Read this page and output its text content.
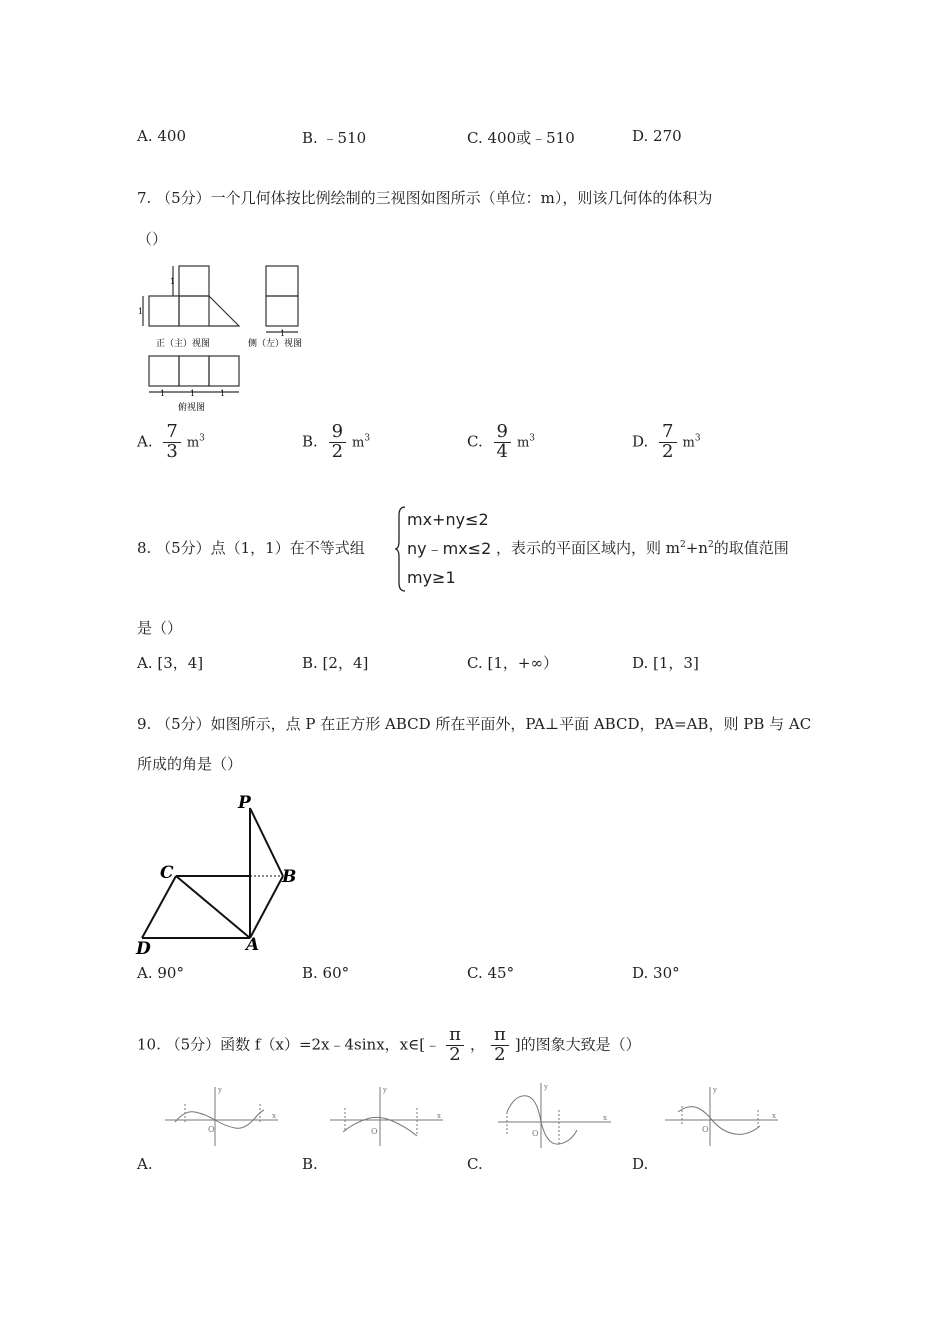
A. 400	B. ﹣510	C. 400或﹣510	D. 270
7. （5分）一个几何体按比例绘制的三视图如图所示（单位：m），则该几何体的体积为
（）
1
1
1
1	1	1
正（主）视图	侧（左）视图
俯视图
A. $\frac{7}{3} m^3$	B. $\frac{9}{2} m^3$	C. $\frac{9}{4} m^3$	D. $\frac{7}{2} m^3$
8. （5分）点（1，1）在不等式组
mx+ny≤2
ny﹣mx≤2
my≥1
，表示的平面区域内，则 $m^2+n^2$的取值范围
是（）
A. [3，4]	B. [2，4]	C. [1，+∞）	D. [1，3]
9. （5分）如图所示，点 P 在正方形 ABCD 所在平面外，PA⊥平面 ABCD，PA=AB，则 PB 与 AC
所成的角是（）
P
B
C
D	A
A. 90°	B. 60°	C. 45°	D. 30°
10. （5分）函数 f（x）=2x﹣4sinx，x∈[﹣ $\frac{\pi}{2}$ ， $\frac{\pi}{2}$ ]的图象大致是（）
y
x
O
y
x
O
y
x
O
y
x
O
A.	B.	C.	D.
